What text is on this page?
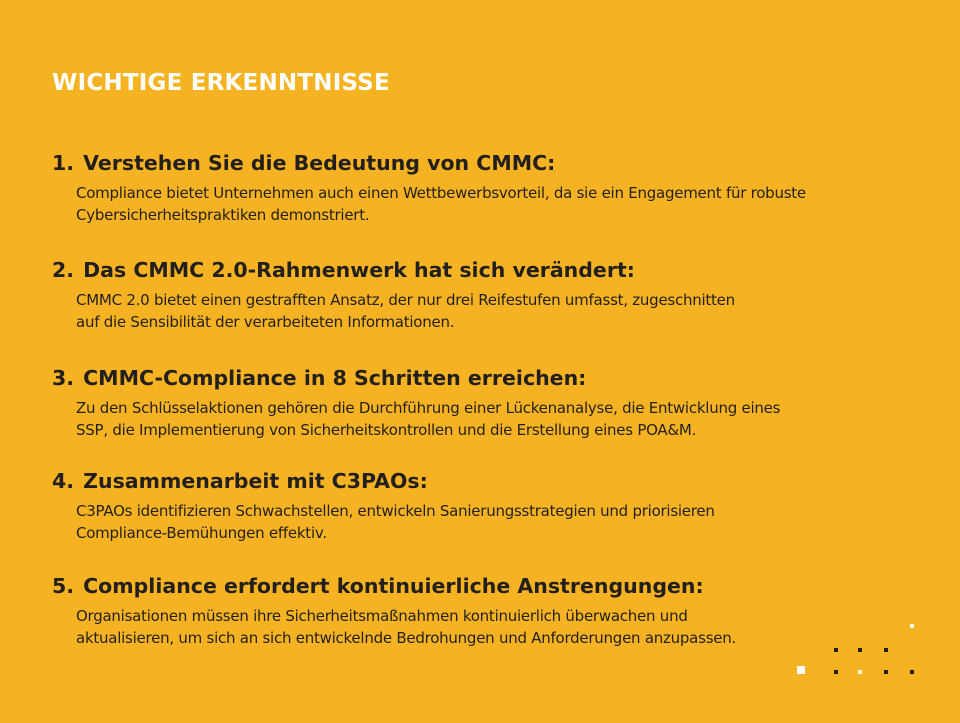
WICHTIGE ERKENNTNISSE
1. Verstehen Sie die Bedeutung von CMMC:

Compliance bietet Unternehmen auch einen Wettbewerbsvorteil, da sie ein Engagement für robuste
Cybersicherheitspraktiken demonstriert.

2. Das CMMC 2.0-Rahmenwerk hat sich verändert:

CMMC 2.0 bietet einen gestrafften Ansatz, der nur drei Reifestufen umfasst, zugeschnitten
auf die Sensibilität der verarbeiteten Informationen.

3. CMMC-Compliance in 8 Schritten erreichen:

Zu den Schlüsselaktionen gehören die Durchführung einer Lückenanalyse, die Entwicklung eines
SSP, die Implementierung von Sicherheitskontrollen und die Erstellung eines POA&M.

4. Zusammenarbeit mit C3PAOs:

C3PAOs identifizieren Schwachstellen, entwickeln Sanierungsstrategien und priorisieren
Compliance-Bemühungen effektiv.

5. Compliance erfordert kontinuierliche Anstrengungen:

Organisationen müssen ihre Sicherheitsmaßnahmen kontinuierlich überwachen und
aktualisieren, um sich an sich entwickelnde Bedrohungen und Anforderungen anzupassen.
